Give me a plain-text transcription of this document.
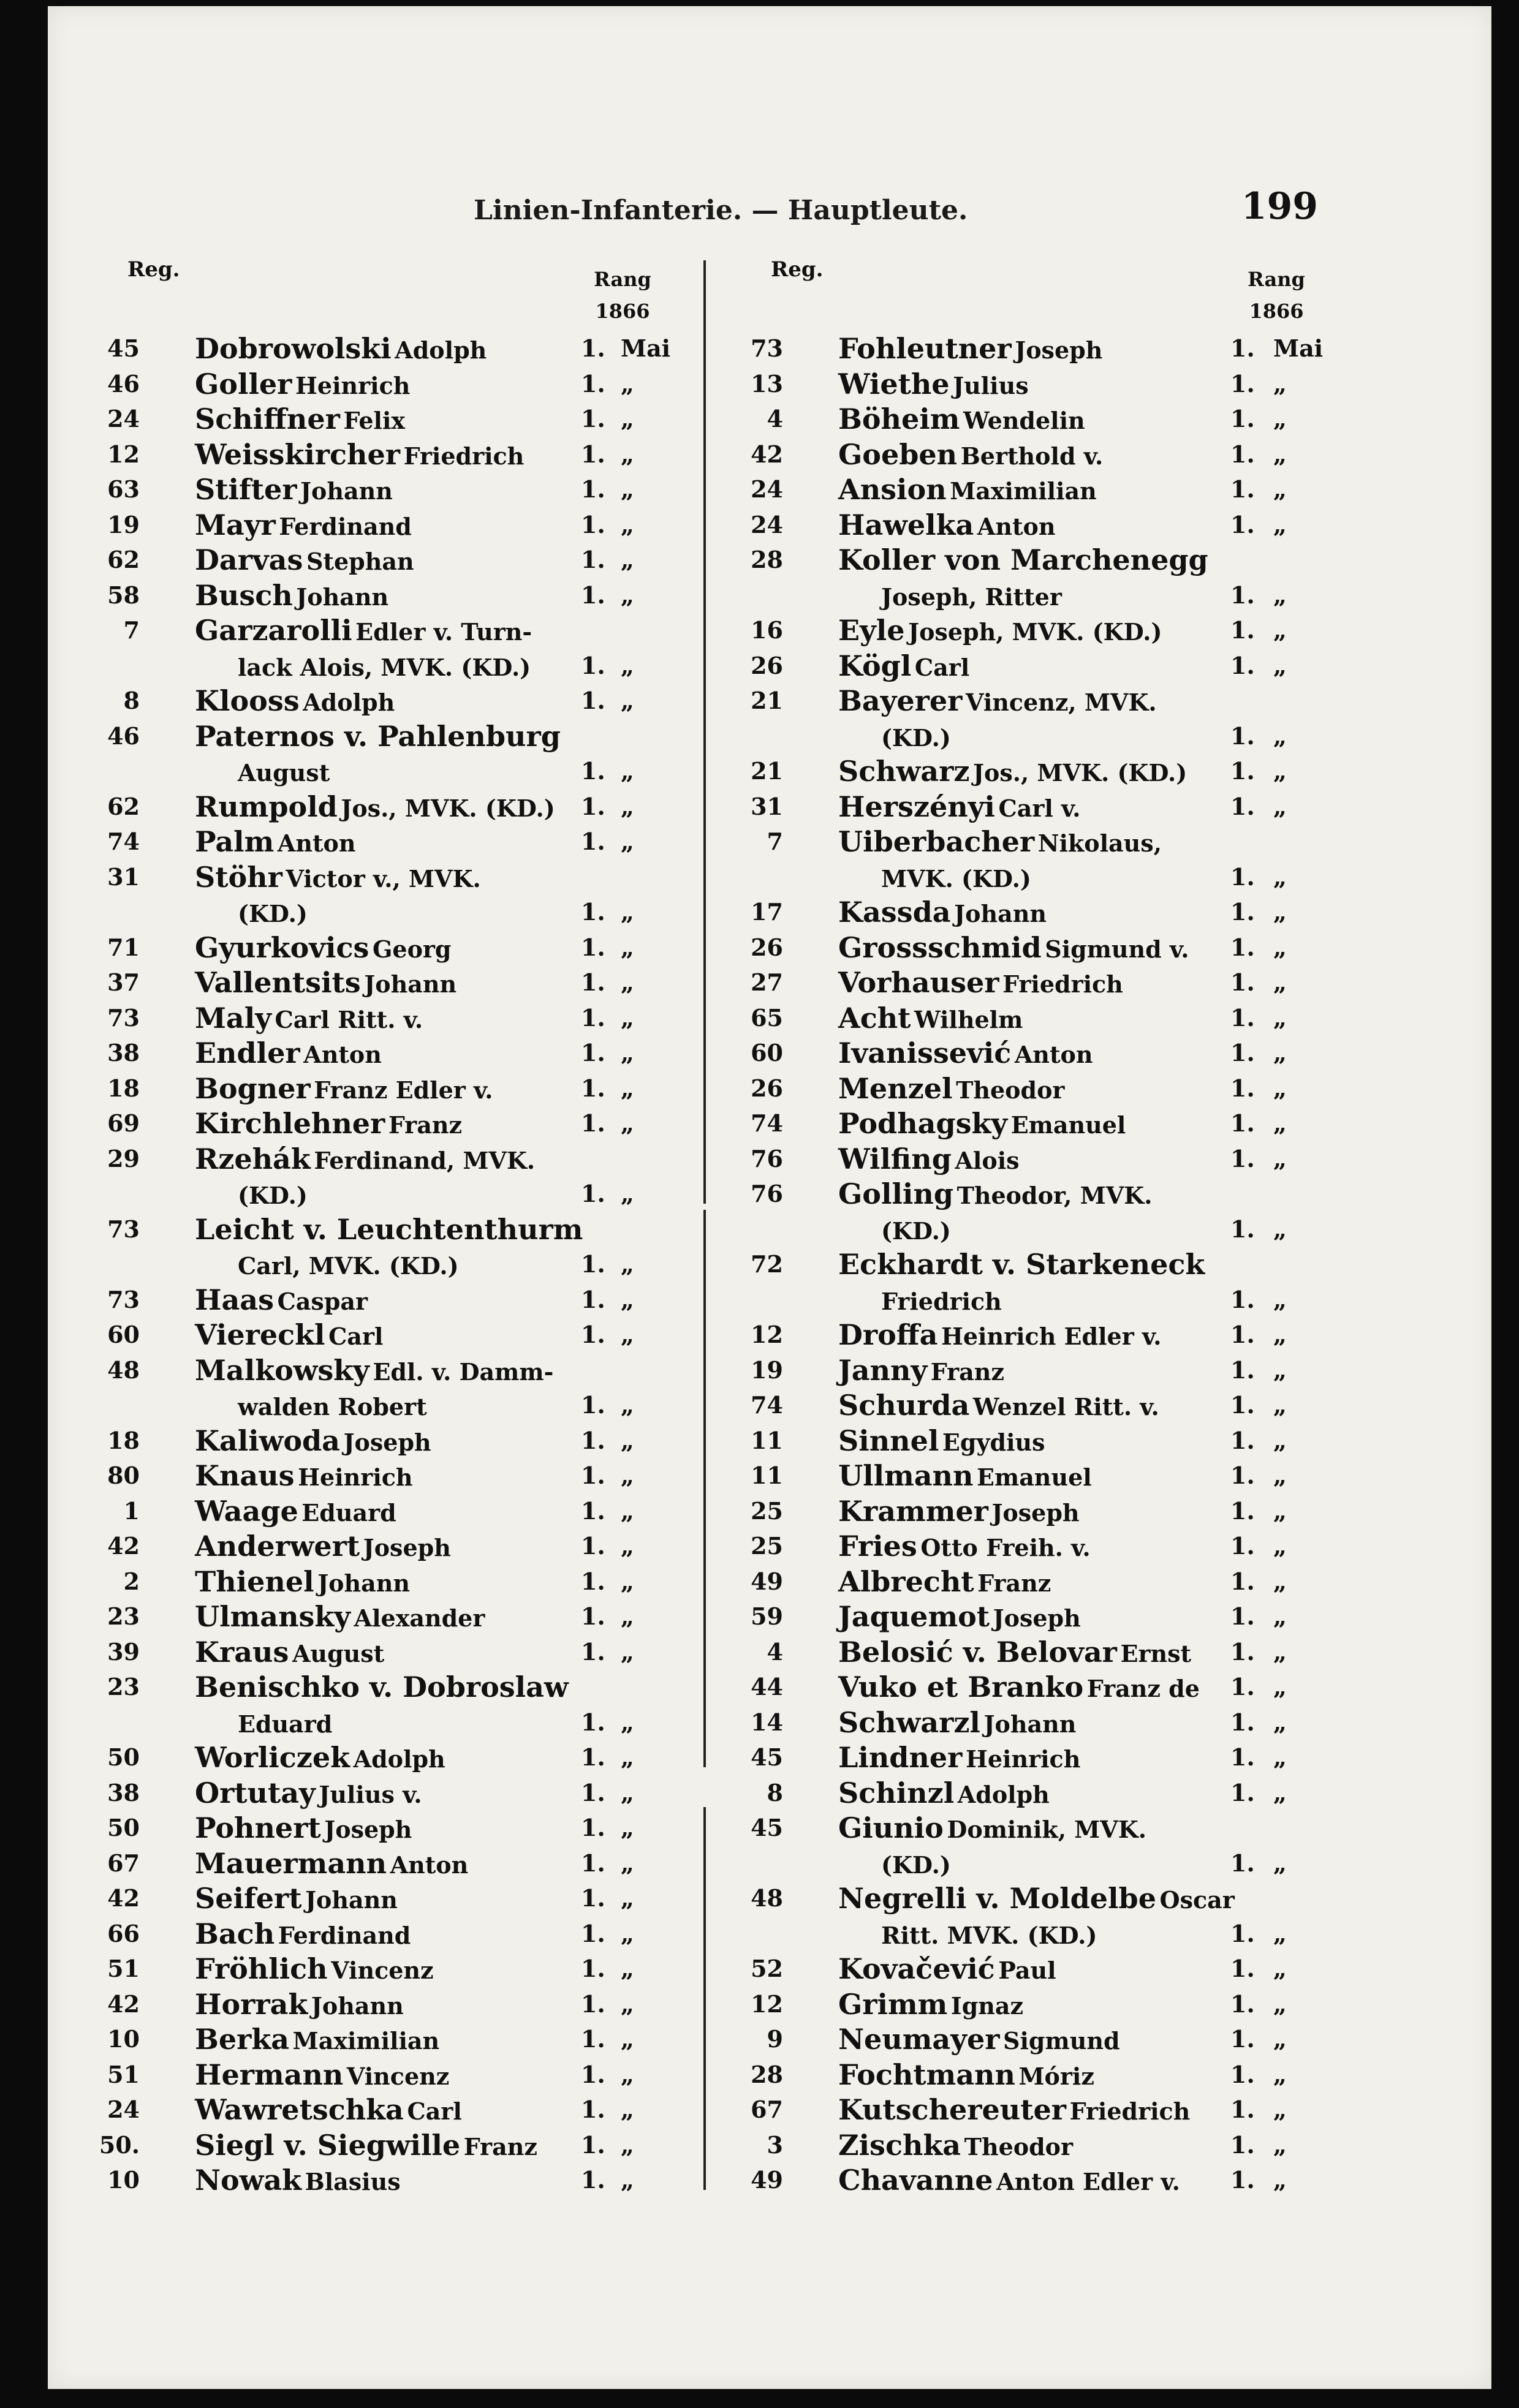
Linien-Infanterie. — Hauptleute.	199
Reg.	Rang
1866
Reg.	Rang
1866
45 Dobrowolski Adolph	1. Mai
46 Goller Heinrich	1. „
24 Schiffner Felix	1. „
12 Weisskircher Friedrich 1. „
63 Stifter Johann	1. „
19 Mayr Ferdinand	1. „
62 Darvas Stephan	1. „
58 Busch Johann	1. „
7 Garzarolli Edler v. Turn-
lack Alois, MVK. (KD.) 1. „
8 Klooss Adolph	1. „
46 Paternos v. Pahlenburg
August	1. „
62 Rumpold Jos., MVK. (KD.) 1. „
74 Palm Anton	1. „
31 Stöhr Victor v., MVK.
(KD.)	1. „
71 Gyurkovics Georg	1. „
37 Vallentsits Johann	1. „
73 Maly Carl Ritt. v.	1. „
38 Endler Anton	1. „
18 Bogner Franz Edler v.	1. „
69 Kirchlehner Franz	1. „
29 Rzehák Ferdinand, MVK.
(KD.)	1. „
73 Leicht v. Leuchtenthurm
Carl, MVK. (KD.)	1. „
73 Haas Caspar	1. „
60 Viereckl Carl	1. „
48 Malkowsky Edl. v. Damm-
walden Robert	1. „
18 Kaliwoda Joseph	1. „
80 Knaus Heinrich	1. „
1 Waage Eduard	1. „
42 Anderwert Joseph	1. „
2 Thienel Johann	1. „
23 Ulmansky Alexander	1. „
39 Kraus August	1. „
23 Benischko v. Dobroslaw
Eduard	1. „
50 Worliczek Adolph	1. „
38 Ortutay Julius v.	1. „
50 Pohnert Joseph	1. „
67 Mauermann Anton	1. „
42 Seifert Johann	1. „
66 Bach Ferdinand	1. „
51 Fröhlich Vincenz	1. „
42 Horrak Johann	1. „
10 Berka Maximilian	1. „
51 Hermann Vincenz	1. „
24 Wawretschka Carl	1. „
50. Siegl v. Siegwille Franz 1. „
10 Nowak Blasius	1. „
73 Fohleutner Joseph	1. Mai
13 Wiethe Julius	1. „
4 Böheim Wendelin	1. „
42 Goeben Berthold v.	1. „
24 Ansion Maximilian	1. „
24 Hawelka Anton	1. „
28 Koller von Marchenegg
Joseph, Ritter	1. „
16 Eyle Joseph, MVK. (KD.)	1. „
26 Kögl Carl	1. „
21 Bayerer Vincenz, MVK.
(KD.)	1. „
21 Schwarz Jos., MVK. (KD.) 1. „
31 Herszényi Carl v.	1. „
7 Uiberbacher Nikolaus,
MVK. (KD.)	1. „
17 Kassda Johann	1. „
26 Grossschmid Sigmund v. 1. „
27 Vorhauser Friedrich	1. „
65 Acht Wilhelm	1. „
60 Ivanissević Anton	1. „
26 Menzel Theodor	1. „
74 Podhagsky Emanuel	1. „
76 Wilfing Alois	1. „
76 Golling Theodor, MVK.
(KD.)	1. „
72 Eckhardt v. Starkeneck
Friedrich	1. „
12 Droffa Heinrich Edler v.	1. „
19 Janny Franz	1. „
74 Schurda Wenzel Ritt. v.	1. „
11 Sinnel Egydius	1. „
11 Ullmann Emanuel	1. „
25 Krammer Joseph	1. „
25 Fries Otto Freih. v.	1. „
49 Albrecht Franz	1. „
59 Jaquemot Joseph	1. „
4 Belosić v. Belovar Ernst 1. „
44 Vuko et Branko Franz de 1. „
14 Schwarzl Johann	1. „
45 Lindner Heinrich	1. „
8 Schinzl Adolph	1. „
45 Giunio Dominik, MVK.
(KD.)	1. „
48 Negrelli v. Moldelbe Oscar
Ritt. MVK. (KD.)	1. „
52 Kovačević Paul	1. „
12 Grimm Ignaz	1. „
9 Neumayer Sigmund	1. „
28 Fochtmann Móriz	1. „
67 Kutschereuter Friedrich 1. „
3 Zischka Theodor	1. „
49 Chavanne Anton Edler v. 1. „
